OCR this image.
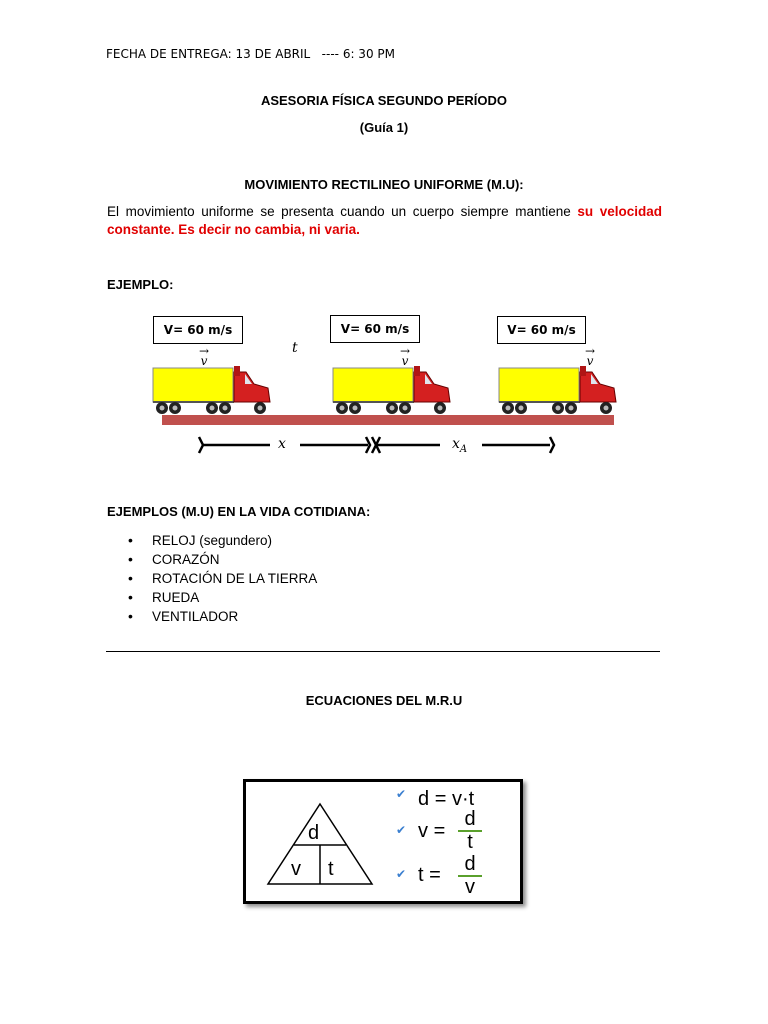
FECHA DE ENTREGA: 13 DE ABRIL   ---- 6: 30 PM
ASESORIA FÍSICA SEGUNDO PERÍODO
(Guía 1)
MOVIMIENTO RECTILINEO UNIFORME (M.U):
El movimiento uniforme se presenta cuando un cuerpo siempre mantiene su velocidad constante. Es decir no cambia, ni varia.
EJEMPLO:
V= 60 m/s	V= 60 m/s	V= 60 m/s
t
→
v
→
v
→
v
x	$x_A$
EJEMPLOS (M.U) EN LA VIDA COTIDIANA:
• RELOJ (segundero)
• CORAZÓN
• ROTACIÓN DE LA TIERRA
• RUEDA
• VENTILADOR
ECUACIONES DEL M.R.U
d
v t
✔ d = v·t
✔ v =
d
t
✔ t =	d
v
